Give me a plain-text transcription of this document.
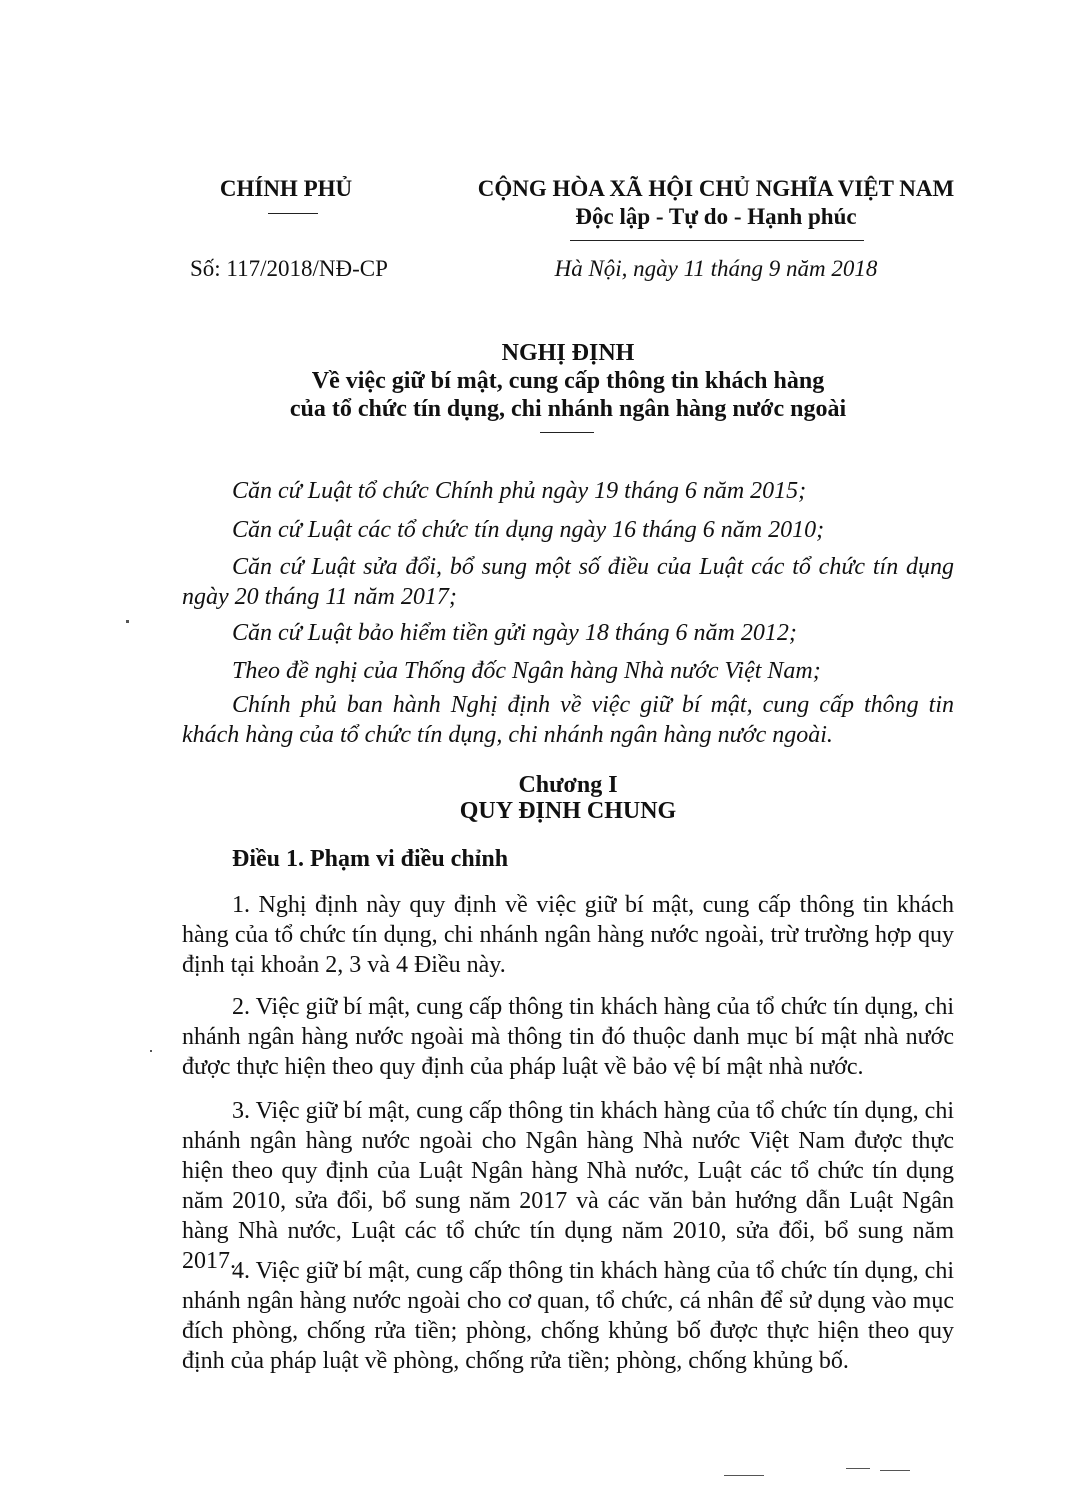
CHÍNH PHỦ
Số: 117/2018/NĐ-CP
CỘNG HÒA XÃ HỘI CHỦ NGHĨA VIỆT NAM
Độc lập - Tự do - Hạnh phúc
Hà Nội, ngày 11 tháng 9 năm 2018
NGHỊ ĐỊNH
Về việc giữ bí mật, cung cấp thông tin khách hàng
của tổ chức tín dụng, chi nhánh ngân hàng nước ngoài
Căn cứ Luật tổ chức Chính phủ ngày 19 tháng 6 năm 2015;
Căn cứ Luật các tổ chức tín dụng ngày 16 tháng 6 năm 2010;
Căn cứ Luật sửa đổi, bổ sung một số điều của Luật các tổ chức tín dụng ngày 20 tháng 11 năm 2017;
Căn cứ Luật bảo hiểm tiền gửi ngày 18 tháng 6 năm 2012;
Theo đề nghị của Thống đốc Ngân hàng Nhà nước Việt Nam;
Chính phủ ban hành Nghị định về việc giữ bí mật, cung cấp thông tin khách hàng của tổ chức tín dụng, chi nhánh ngân hàng nước ngoài.
Chương I
QUY ĐỊNH CHUNG
Điều 1. Phạm vi điều chỉnh
1. Nghị định này quy định về việc giữ bí mật, cung cấp thông tin khách hàng của tổ chức tín dụng, chi nhánh ngân hàng nước ngoài, trừ trường hợp quy định tại khoản 2, 3 và 4 Điều này.
2. Việc giữ bí mật, cung cấp thông tin khách hàng của tổ chức tín dụng, chi nhánh ngân hàng nước ngoài mà thông tin đó thuộc danh mục bí mật nhà nước được thực hiện theo quy định của pháp luật về bảo vệ bí mật nhà nước.
3. Việc giữ bí mật, cung cấp thông tin khách hàng của tổ chức tín dụng, chi nhánh ngân hàng nước ngoài cho Ngân hàng Nhà nước Việt Nam được thực hiện theo quy định của Luật Ngân hàng Nhà nước, Luật các tổ chức tín dụng năm 2010, sửa đổi, bổ sung năm 2017 và các văn bản hướng dẫn Luật Ngân hàng Nhà nước, Luật các tổ chức tín dụng năm 2010, sửa đổi, bổ sung năm 2017.
4. Việc giữ bí mật, cung cấp thông tin khách hàng của tổ chức tín dụng, chi nhánh ngân hàng nước ngoài cho cơ quan, tổ chức, cá nhân để sử dụng vào mục đích phòng, chống rửa tiền; phòng, chống khủng bố được thực hiện theo quy định của pháp luật về phòng, chống rửa tiền; phòng, chống khủng bố.
